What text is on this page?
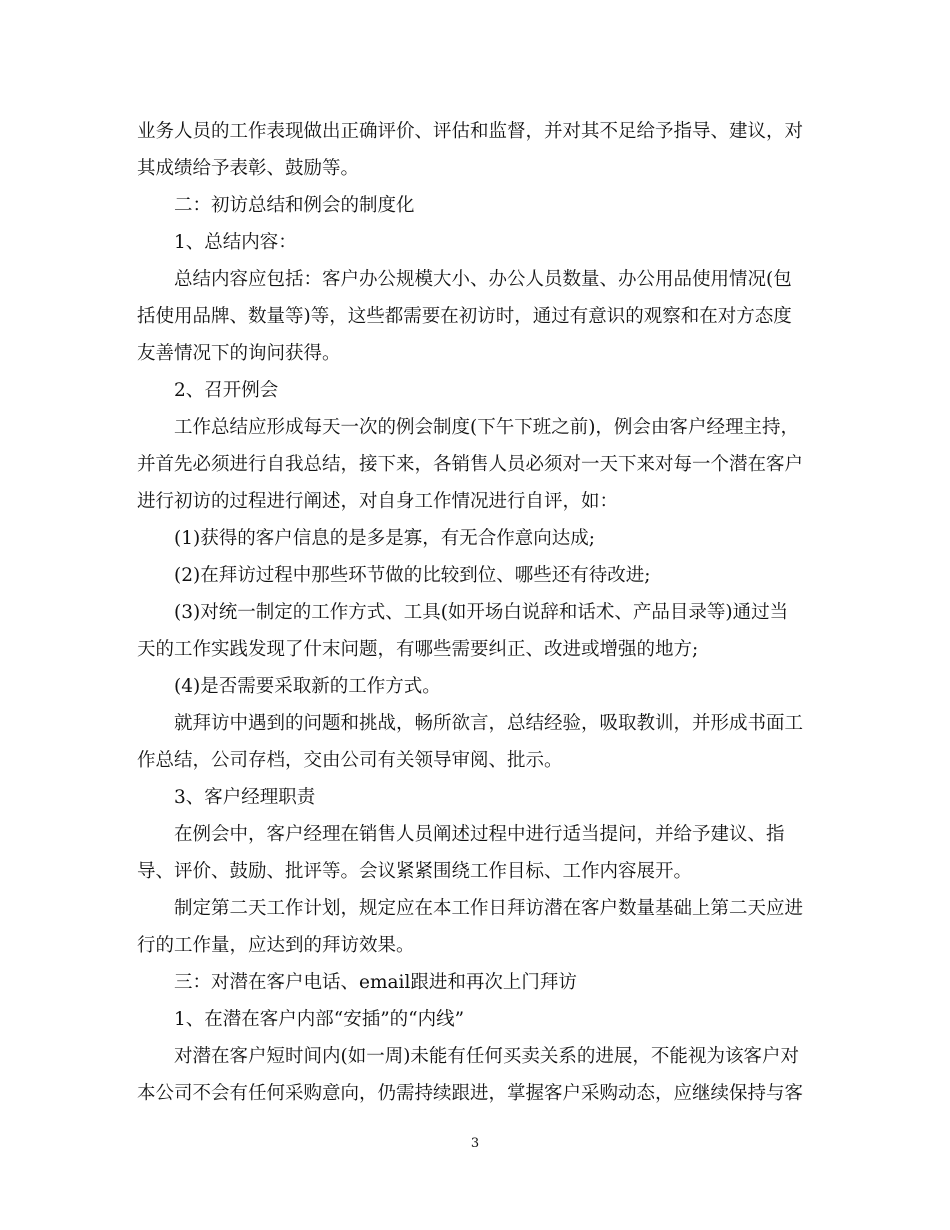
业务人员的工作表现做出正确评价、评估和监督，并对其不足给予指导、建议，对

其成绩给予表彰、鼓励等。

二：初访总结和例会的制度化

1、总结内容：

总结内容应包括：客户办公规模大小、办公人员数量、办公用品使用情况(包

括使用品牌、数量等)等，这些都需要在初访时，通过有意识的观察和在对方态度

友善情况下的询问获得。

2、召开例会

工作总结应形成每天一次的例会制度(下午下班之前)，例会由客户经理主持，

并首先必须进行自我总结，接下来，各销售人员必须对一天下来对每一个潜在客户

进行初访的过程进行阐述，对自身工作情况进行自评，如：

(1)获得的客户信息的是多是寡，有无合作意向达成;

(2)在拜访过程中那些环节做的比较到位、哪些还有待改进;

(3)对统一制定的工作方式、工具(如开场白说辞和话术、产品目录等)通过当

天的工作实践发现了什末问题，有哪些需要纠正、改进或增强的地方;

(4)是否需要采取新的工作方式。

就拜访中遇到的问题和挑战，畅所欲言，总结经验，吸取教训，并形成书面工

作总结，公司存档，交由公司有关领导审阅、批示。

3、客户经理职责

在例会中，客户经理在销售人员阐述过程中进行适当提问，并给予建议、指

导、评价、鼓励、批评等。会议紧紧围绕工作目标、工作内容展开。

制定第二天工作计划，规定应在本工作日拜访潜在客户数量基础上第二天应进

行的工作量，应达到的拜访效果。

三：对潜在客户电话、email跟进和再次上门拜访

1、在潜在客户内部“安插”的“内线”

对潜在客户短时间内(如一周)未能有任何买卖关系的进展，不能视为该客户对

本公司不会有任何采购意向，仍需持续跟进，掌握客户采购动态，应继续保持与客

3
